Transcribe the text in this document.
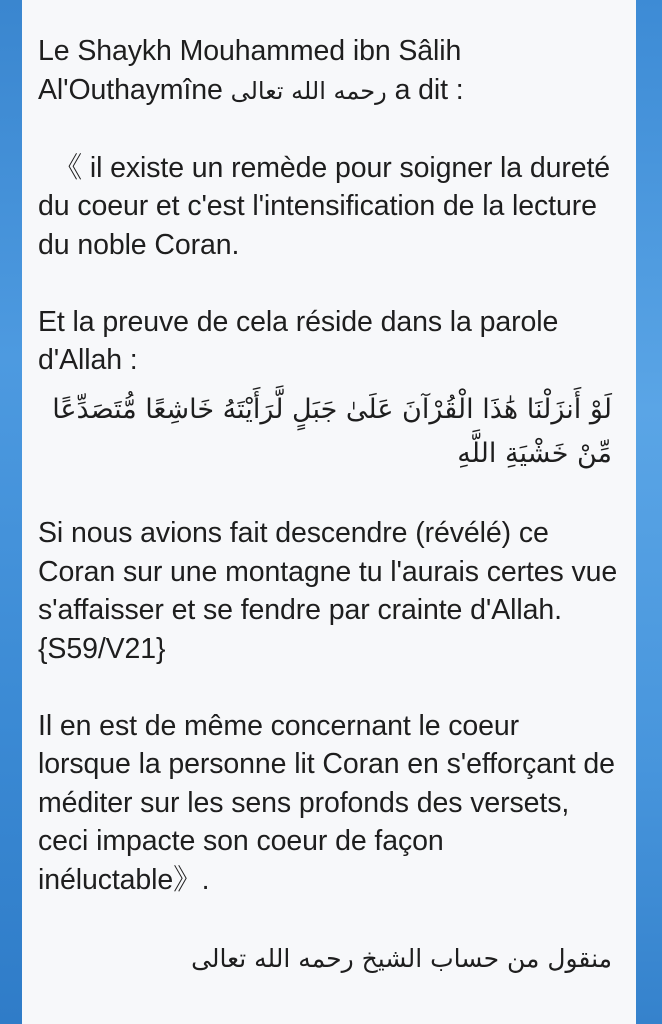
Le Shaykh Mouhammed ibn Sâlih

Al'Outhaymîne رحمه الله تعالى a dit :

《 il existe un remède pour soigner la dureté du coeur et c'est l'intensification de la lecture du noble Coran.

Et la preuve de cela réside dans la parole d'Allah :

لَوْ أَنزَلْنَا هَٰذَا الْقُرْآنَ عَلَىٰ جَبَلٍ لَّرَأَيْتَهُ خَاشِعًا مُّتَصَدِّعًا مِّنْ خَشْيَةِ اللَّهِ

Si nous avions fait descendre (révélé) ce Coran sur une montagne tu l'aurais certes vue s'affaisser et se fendre par crainte d'Allah. {S59/V21}

Il en est de même concernant le coeur lorsque la personne lit Coran en s'efforçant de méditer sur les sens profonds des versets, ceci impacte son coeur de façon inéluctable》.

منقول من حساب الشيخ رحمه الله تعالى
